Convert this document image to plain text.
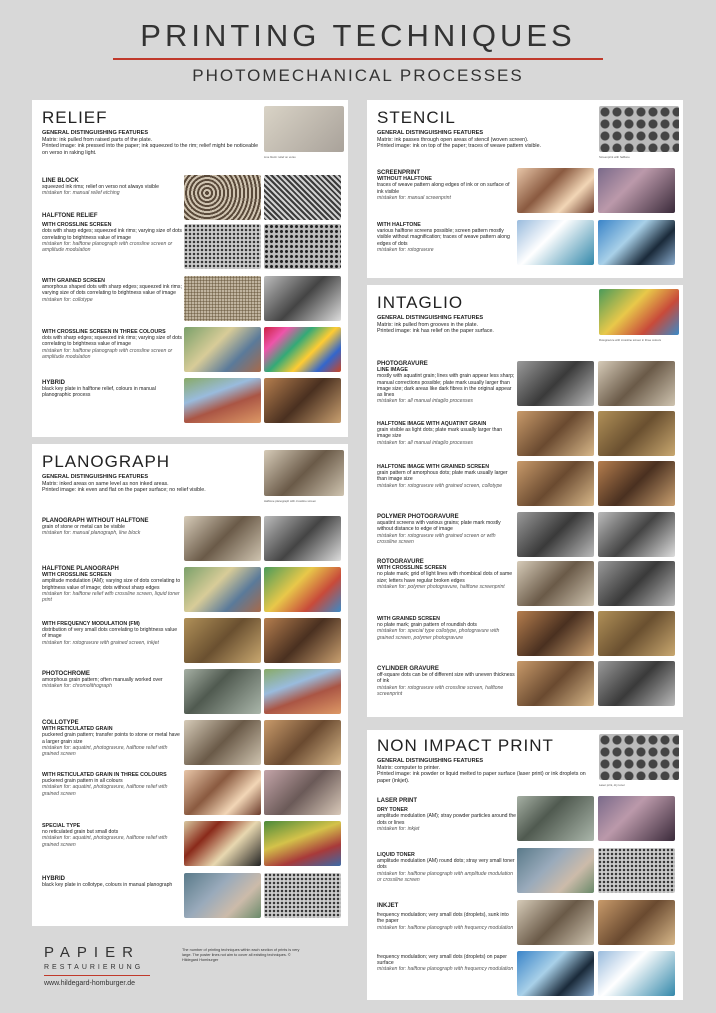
PRINTING TECHNIQUES
PHOTOMECHANICAL PROCESSES
RELIEF
GENERAL DISTINGUISHING FEATURES
Matrix: ink pulled from raised parts of the plate.
Printed image: ink pressed into the paper; ink squeezed to the rim; relief might be noticeable on verso in raking light.
Line block: relief on verso
LINE BLOCK
squeezed ink rims; relief on verso not always visible
mistaken for: manual relief etching
HALFTONE RELIEF
WITH CROSSLINE SCREEN
dots with sharp edges; squeezed ink rims; varying size of dots correlating to brightness value of image
mistaken for: halftone planograph with crossline screen or amplitude modulation
WITH GRAINED SCREEN
amorphous shaped dots with sharp edges; squeezed ink rims; varying size of dots correlating to brightness value of image
mistaken for: collotype
WITH CROSSLINE SCREEN IN THREE COLOURS
dots with sharp edges; squeezed ink rims; varying size of dots correlating to brightness value of image
mistaken for: halftone planograph with crossline screen or amplitude modulation
HYBRID
black key plate in halftone relief, colours in manual planographic process
PLANOGRAPH
GENERAL DISTINGUISHING FEATURES
Matrix: inked areas on same level as non inked areas.
Printed image: ink even and flat on the paper surface; no relief visible.
Halftone planograph with crossline screen
PLANOGRAPH WITHOUT HALFTONE
grain of stone or metal can be visible
mistaken for: manual planograph, line block
HALFTONE PLANOGRAPH
WITH CROSSLINE SCREEN
amplitude modulation (AM); varying size of dots correlating to brightness value of image; dots without sharp edges
mistaken for: halftone relief with crossline screen, liquid toner print
WITH FREQUENCY MODULATION (FM)
distribution of very small dots correlating to brightness value of image
mistaken for: rotogravure with grained screen, inkjet
PHOTOCHROME
amorphous grain pattern; often manually worked over
mistaken for: chromolithograph
COLLOTYPE
WITH RETICULATED GRAIN
puckered grain pattern; transfer points to stone or metal have a larger grain size
mistaken for: aquatint, photogravure, halftone relief with grained screen
WITH RETICULATED GRAIN IN THREE COLOURS
puckered grain pattern in all colours
mistaken for: aquatint, photogravure, halftone relief with grained screen
SPECIAL TYPE
no reticulated grain but small dots
mistaken for: aquatint, photogravure, halftone relief with grained screen
HYBRID
black key plate in collotype, colours in manual planograph
STENCIL
GENERAL DISTINGUISHING FEATURES
Matrix: ink passes through open areas of stencil (woven screen).
Printed image: ink on top of the paper; traces of weave pattern visible.
Screenprint with halftone
SCREENPRINT
WITHOUT HALFTONE
traces of weave pattern along edges of ink or on surface of ink visible
mistaken for: manual screenprint
WITH HALFTONE
various halftone screens possible; screen pattern mostly visible without magnification; traces of weave pattern along edges of dots
mistaken for: rotogravure
INTAGLIO
GENERAL DISTINGUISHING FEATURES
Matrix: ink pulled from grooves in the plate.
Printed image: ink has relief on the paper surface.
Rotogravure with crossline screen in three colours
PHOTOGRAVURE
LINE IMAGE
mostly with aquatint grain; lines with grain appear less sharp; manual corrections possible; plate mark usually larger than image size; dark areas like dark fibres in the original appear as lines
mistaken for: all manual intaglio processes
HALFTONE IMAGE WITH AQUATINT GRAIN
grain visible as light dots; plate mark usually larger than image size
mistaken for: all manual intaglio processes
HALFTONE IMAGE WITH GRAINED SCREEN
grain pattern of amorphous dots; plate mark usually larger than image size
mistaken for: rotogravure with grained screen, collotype
POLYMER PHOTOGRAVURE
aquatint screens with various grains; plate mark mostly without distance to edge of image
mistaken for: rotogravure with grained screen or with crossline screen
ROTOGRAVURE
WITH CROSSLINE SCREEN
no plate mark; grid of light lines with rhombical dots of same size; letters have regular broken edges
mistaken for: polymer photogravure, halftone screenprint
WITH GRAINED SCREEN
no plate mark; grain pattern of roundish dots
mistaken for: special type collotype, photogravure with grained screen, polymer photogravure
CYLINDER GRAVURE
off-square dots can be of different size with uneven thickness of ink
mistaken for: rotogravure with crossline screen, halftone screenprint
NON IMPACT PRINT
GENERAL DISTINGUISHING FEATURES
Matrix: computer to printer.
Printed image: ink powder or liquid melted to paper surface (laser print) or ink droplets on paper (inkjet).
Laser print, dry toner
LASER PRINT
DRY TONER
amplitude modulation (AM); stray powder particles around the dots or lines
mistaken for: inkjet
LIQUID TONER
amplitude modulation (AM) round dots; stray very small toner dots
mistaken for: halftone planograph with amplitude modulation or crossline screen
INKJET
frequency modulation; very small dots (droplets), sunk into the paper
mistaken for: halftone planograph with frequency modulation
frequency modulation; very small dots (droplets) on paper surface
mistaken for: halftone planograph with frequency modulation
PAPIER
RESTAURIERUNG
www.hildegard-homburger.de
The number of printing techniques within each section of prints is very large. The poster lines not aim to cover all existing techniques. © Hildegard Homburger
